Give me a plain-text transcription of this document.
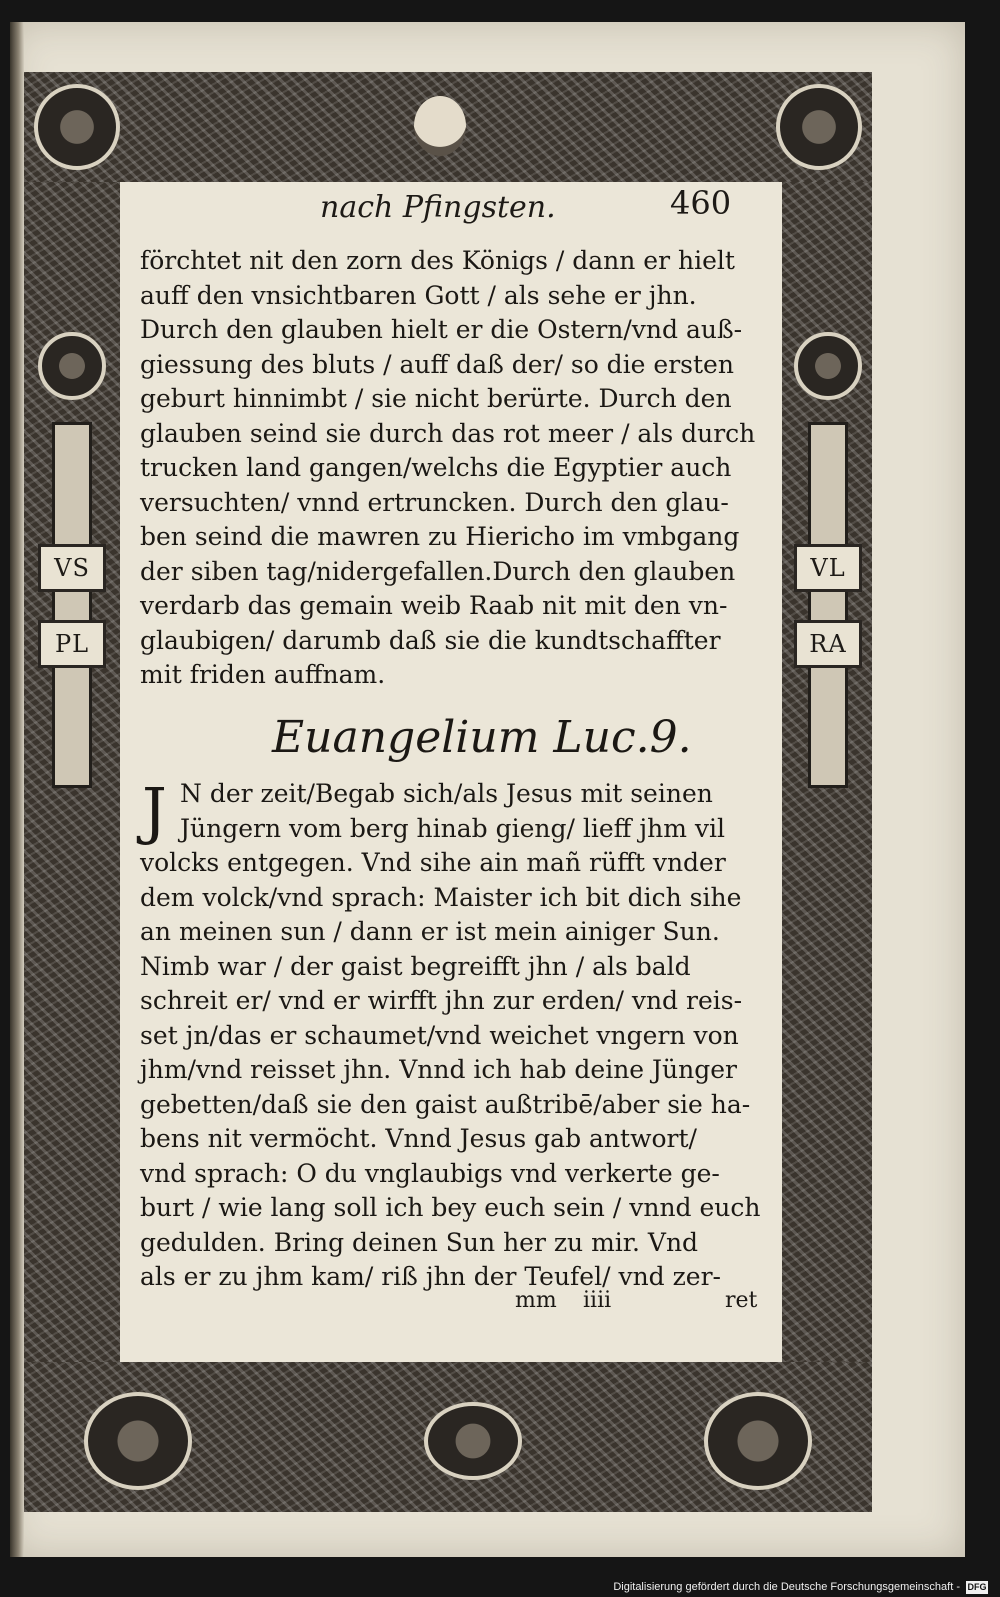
VS
PL
VL
RA
nach Pfingsten.	460
förchtet nit den zorn des Königs / dann er hielt
auff den vnsichtbaren Gott / als sehe er jhn.
Durch den glauben hielt er die Ostern/vnd auß-
giessung des bluts / auff daß der/ so die ersten
geburt hinnimbt / sie nicht berürte. Durch den
glauben seind sie durch das rot meer / als durch
trucken land gangen/welchs die Egyptier auch
versuchten/ vnnd ertruncken. Durch den glau-
ben seind die mawren zu Hiericho im vmbgang
der siben tag/nidergefallen.Durch den glauben
verdarb das gemain weib Raab nit mit den vn-
glaubigen/ darumb daß sie die kundtschaffter
mit friden auffnam.
Euangelium Luc.9.
J N der zeit/Begab sich/als Jesus mit seinen
Jüngern vom berg hinab gieng/ lieff jhm vil
volcks entgegen. Vnd sihe ain mañ rüfft vnder
dem volck/vnd sprach: Maister ich bit dich sihe
an meinen sun / dann er ist mein ainiger Sun.
Nimb war / der gaist begreifft jhn / als bald
schreit er/ vnd er wirfft jhn zur erden/ vnd reis-
set jn/das er schaumet/vnd weichet vngern von
jhm/vnd reisset jhn. Vnnd ich hab deine Jünger
gebetten/daß sie den gaist außtribē/aber sie ha-
bens nit vermöcht. Vnnd Jesus gab antwort/
vnd sprach: O du vnglaubigs vnd verkerte ge-
burt / wie lang soll ich bey euch sein / vnnd euch
gedulden. Bring deinen Sun her zu mir. Vnd
als er zu jhm kam/ riß jhn der Teufel/ vnd zer-
mm iiii	ret
Digitalisierung gefördert durch die Deutsche Forschungsgemeinschaft - DFG
